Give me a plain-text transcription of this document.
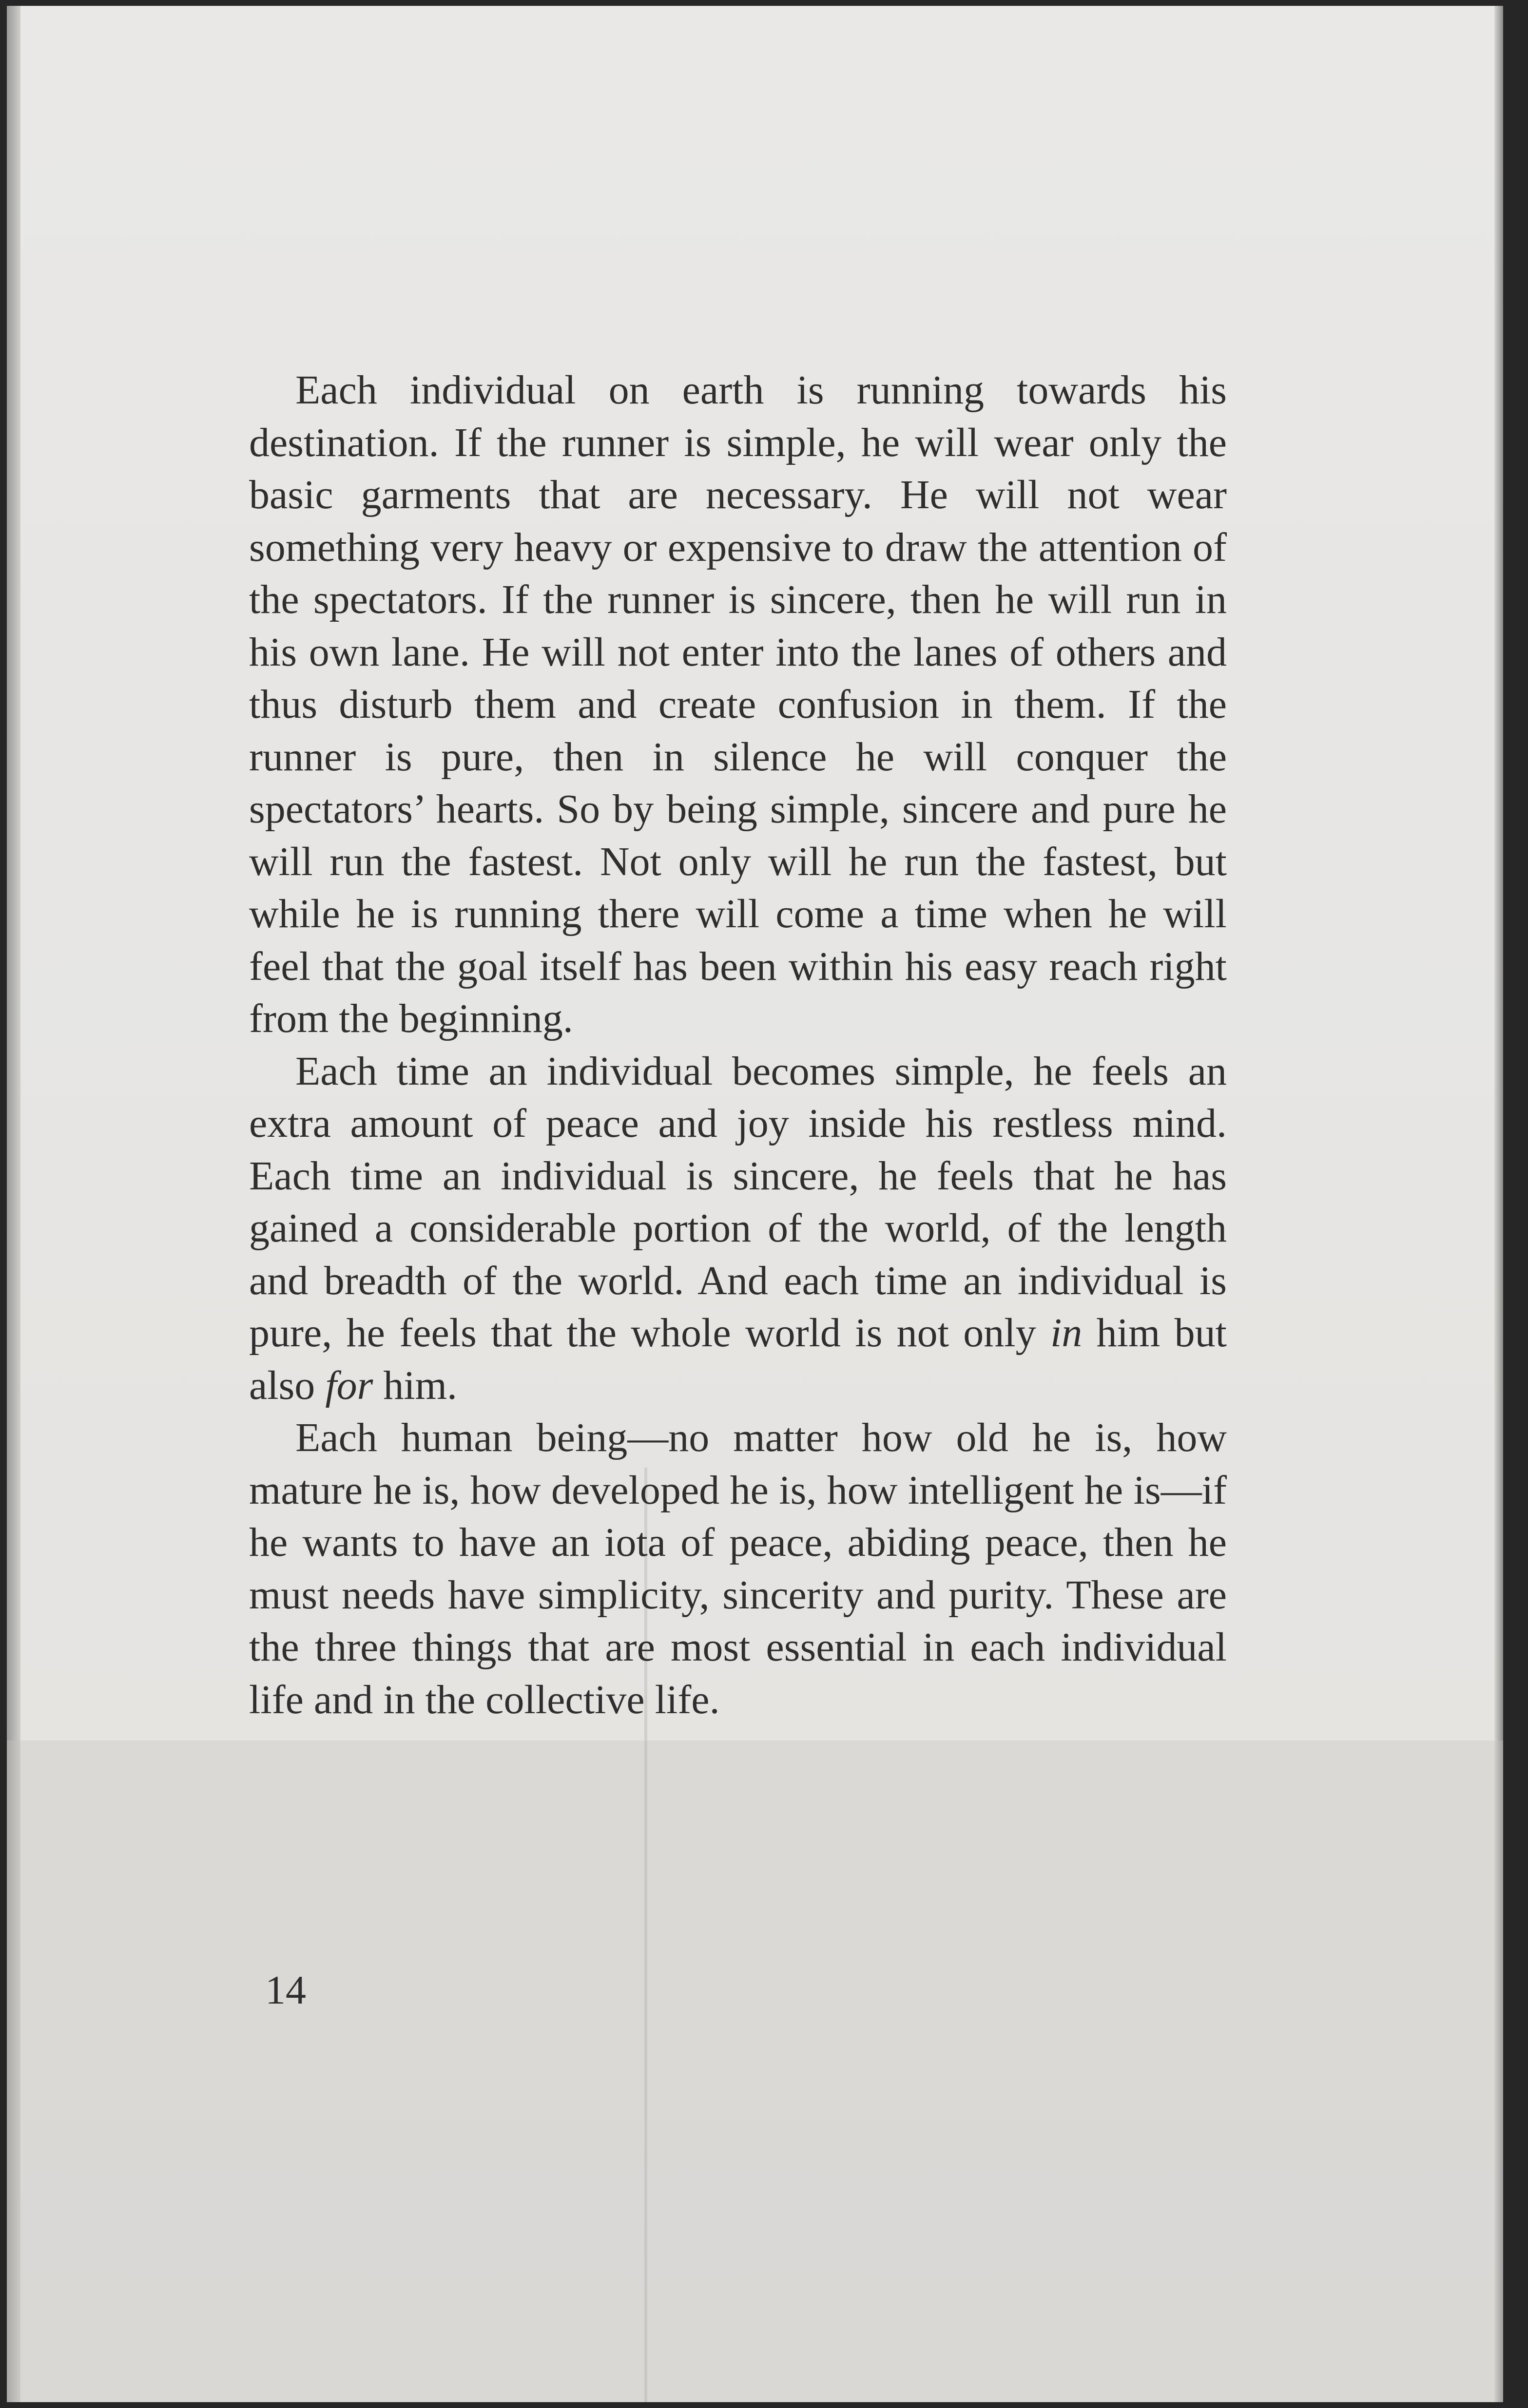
Each individual on earth is running towards his destination. If the runner is simple, he will wear only the basic garments that are necessary. He will not wear something very heavy or expensive to draw the attention of the spectators. If the runner is sincere, then he will run in his own lane. He will not enter into the lanes of others and thus disturb them and create confusion in them. If the runner is pure, then in silence he will conquer the spectators’ hearts. So by being simple, sincere and pure he will run the fastest. Not only will he run the fastest, but while he is running there will come a time when he will feel that the goal itself has been within his easy reach right from the beginning.

Each time an individual becomes simple, he feels an extra amount of peace and joy inside his restless mind. Each time an individual is sincere, he feels that he has gained a considerable portion of the world, of the length and breadth of the world. And each time an individual is pure, he feels that the whole world is not only in him but also for him.

Each human being—no matter how old he is, how mature he is, how developed he is, how intelligent he is—if he wants to have an iota of peace, abiding peace, then he must needs have simplicity, sincerity and purity. These are the three things that are most essential in each individual life and in the collective life.

14
